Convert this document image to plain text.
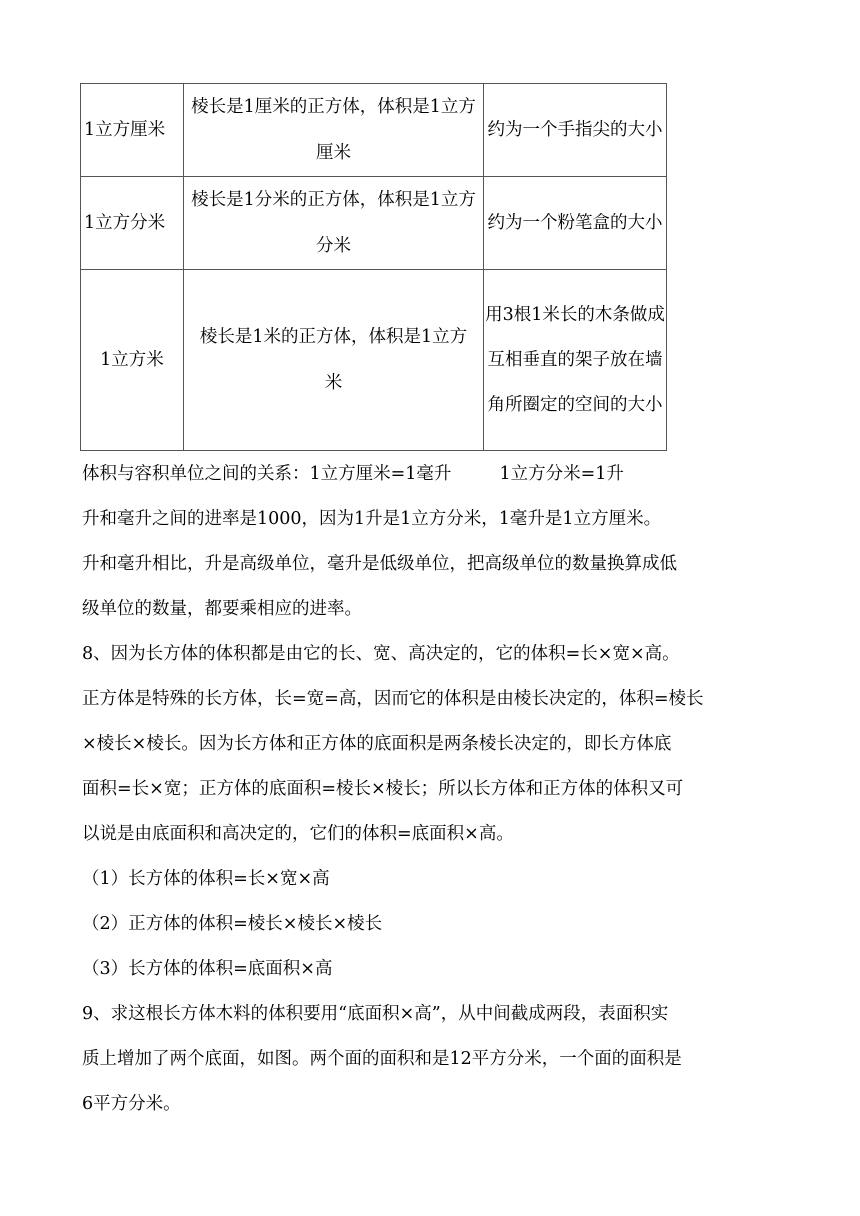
1立方厘米	棱长是1厘米的正方体，体积是1立方厘米	约为一个手指尖的大小
1立方分米	棱长是1分米的正方体，体积是1立方分米	约为一个粉笔盒的大小
1立方米	棱长是1米的正方体，体积是1立方米	用3根1米长的木条做成互相垂直的架子放在墙角所圈定的空间的大小

体积与容积单位之间的关系：1立方厘米=1毫升	1立方分米=1升

升和毫升之间的进率是1000，因为1升是1立方分米，1毫升是1立方厘米。

升和毫升相比，升是高级单位，毫升是低级单位，把高级单位的数量换算成低

级单位的数量，都要乘相应的进率。

8、因为长方体的体积都是由它的长、宽、高决定的，它的体积=长×宽×高。

正方体是特殊的长方体，长=宽=高，因而它的体积是由棱长决定的，体积=棱长

×棱长×棱长。因为长方体和正方体的底面积是两条棱长决定的，即长方体底

面积=长×宽；正方体的底面积=棱长×棱长；所以长方体和正方体的体积又可

以说是由底面积和高决定的，它们的体积=底面积×高。

（1）长方体的体积=长×宽×高

（2）正方体的体积=棱长×棱长×棱长

（3）长方体的体积=底面积×高

9、求这根长方体木料的体积要用“底面积×高”，从中间截成两段，表面积实

质上增加了两个底面，如图。两个面的面积和是12平方分米，一个面的面积是

6平方分米。
